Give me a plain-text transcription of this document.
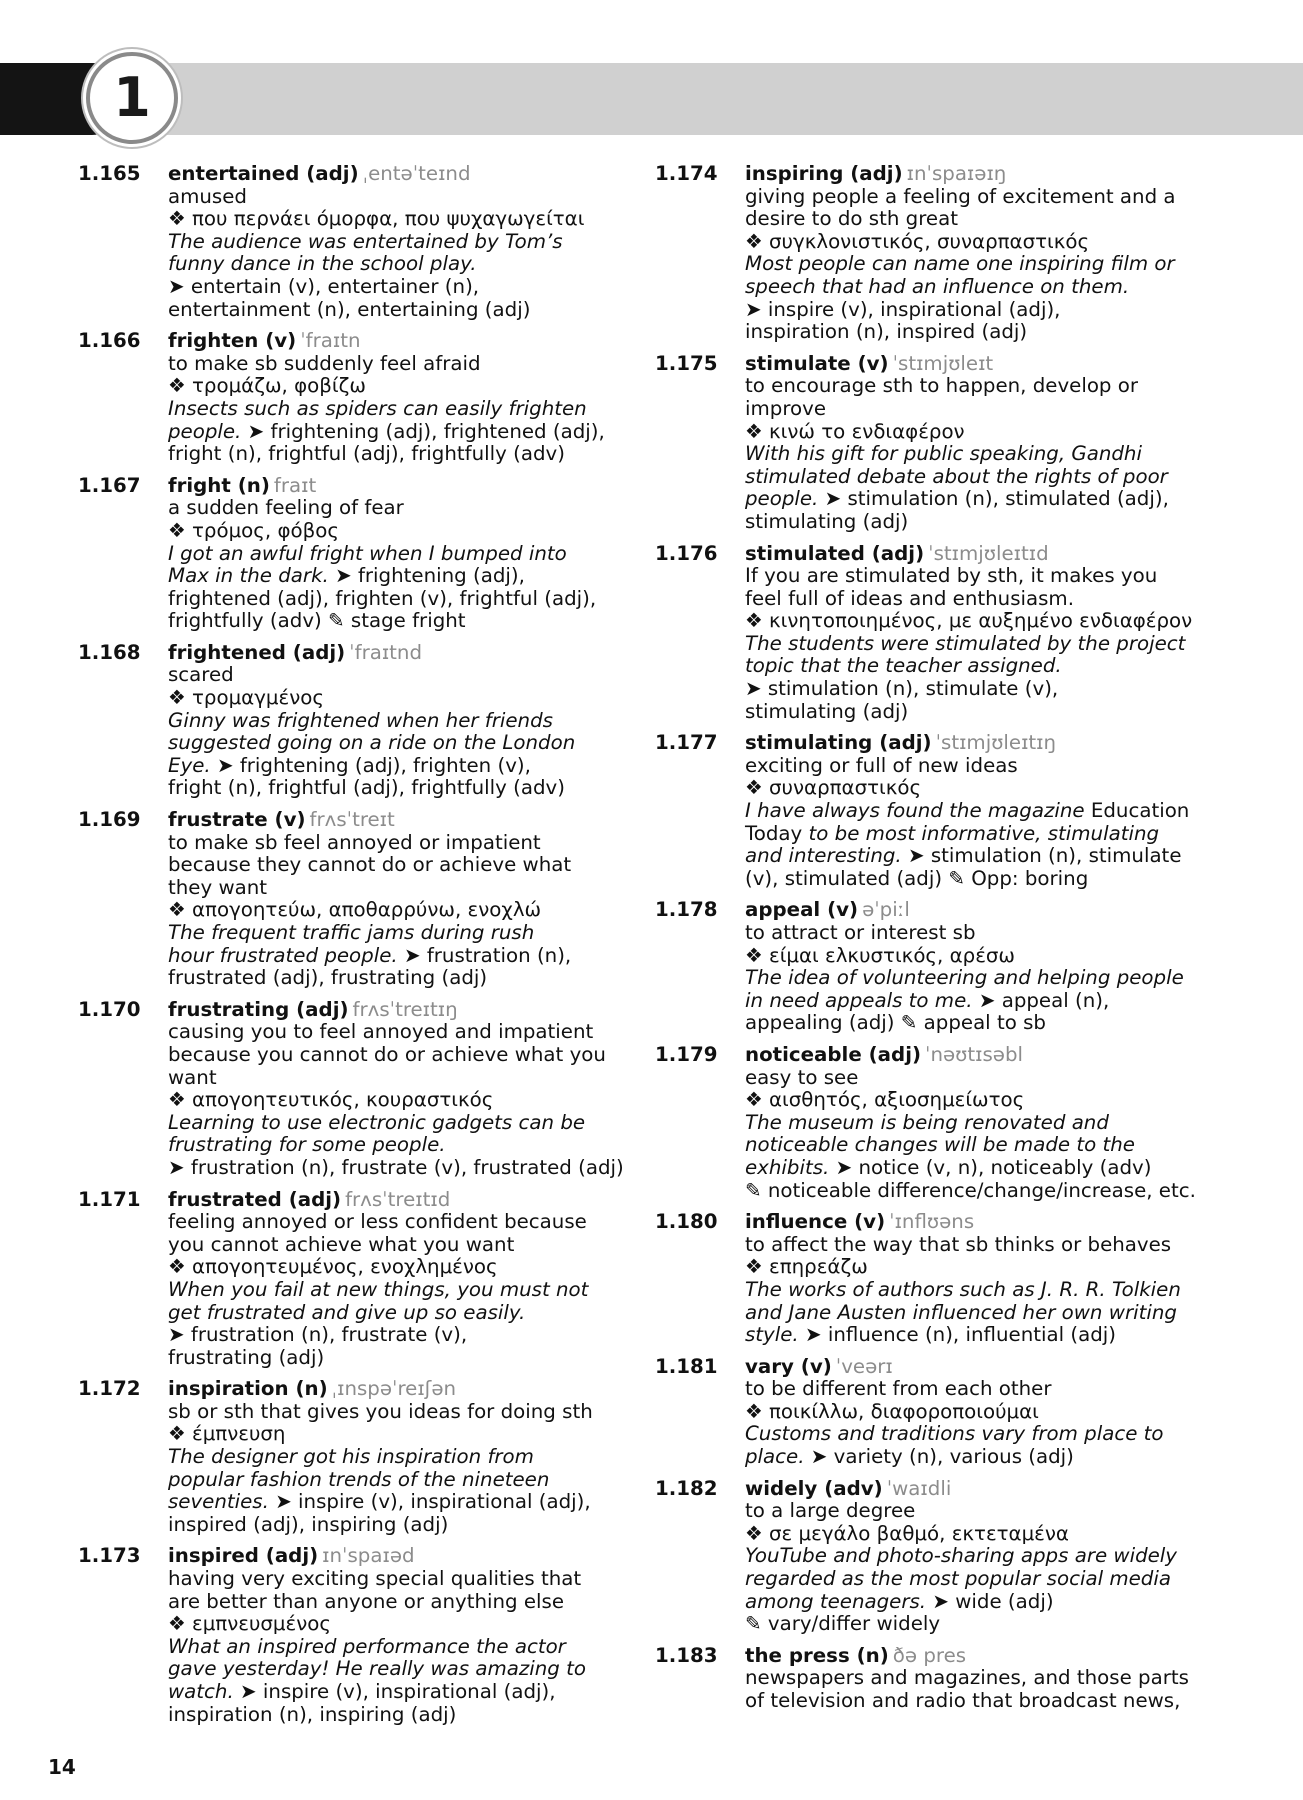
1
1.165 entertained (adj) ˌentəˈteɪnd
amused
❖ που περνάει όμορφα, που ψυχαγωγείται
The audience was entertained by Tom’s
funny dance in the school play.
➤ entertain (v), entertainer (n),
entertainment (n), entertaining (adj)
1.166 frighten (v) ˈfraɪtn
to make sb suddenly feel afraid
❖ τρομάζω, φοβίζω
Insects such as spiders can easily frighten
people. ➤ frightening (adj), frightened (adj),
fright (n), frightful (adj), frightfully (adv)
1.167 fright (n) fraɪt
a sudden feeling of fear
❖ τρόμος, φόβος
I got an awful fright when I bumped into
Max in the dark. ➤ frightening (adj),
frightened (adj), frighten (v), frightful (adj),
frightfully (adv) ✎ stage fright
1.168 frightened (adj) ˈfraɪtnd
scared
❖ τρομαγμένος
Ginny was frightened when her friends
suggested going on a ride on the London
Eye. ➤ frightening (adj), frighten (v),
fright (n), frightful (adj), frightfully (adv)
1.169 frustrate (v) frʌsˈtreɪt
to make sb feel annoyed or impatient
because they cannot do or achieve what
they want
❖ απογοητεύω, αποθαρρύνω, ενοχλώ
The frequent traffic jams during rush
hour frustrated people. ➤ frustration (n),
frustrated (adj), frustrating (adj)
1.170 frustrating (adj) frʌsˈtreɪtɪŋ
causing you to feel annoyed and impatient
because you cannot do or achieve what you
want
❖ απογοητευτικός, κουραστικός
Learning to use electronic gadgets can be
frustrating for some people.
➤ frustration (n), frustrate (v), frustrated (adj)
1.171 frustrated (adj) frʌsˈtreɪtɪd
feeling annoyed or less confident because
you cannot achieve what you want
❖ απογοητευμένος, ενοχλημένος
When you fail at new things, you must not
get frustrated and give up so easily.
➤ frustration (n), frustrate (v),
frustrating (adj)
1.172 inspiration (n) ˌɪnspəˈreɪʃən
sb or sth that gives you ideas for doing sth
❖ έμπνευση
The designer got his inspiration from
popular fashion trends of the nineteen
seventies. ➤ inspire (v), inspirational (adj),
inspired (adj), inspiring (adj)
1.173 inspired (adj) ɪnˈspaɪəd
having very exciting special qualities that
are better than anyone or anything else
❖ εμπνευσμένος
What an inspired performance the actor
gave yesterday! He really was amazing to
watch. ➤ inspire (v), inspirational (adj),
inspiration (n), inspiring (adj)
1.174 inspiring (adj) ɪnˈspaɪəɪŋ
giving people a feeling of excitement and a
desire to do sth great
❖ συγκλονιστικός, συναρπαστικός
Most people can name one inspiring film or
speech that had an influence on them.
➤ inspire (v), inspirational (adj),
inspiration (n), inspired (adj)
1.175 stimulate (v) ˈstɪmjʊleɪt
to encourage sth to happen, develop or
improve
❖ κινώ το ενδιαφέρον
With his gift for public speaking, Gandhi
stimulated debate about the rights of poor
people. ➤ stimulation (n), stimulated (adj),
stimulating (adj)
1.176 stimulated (adj) ˈstɪmjʊleɪtɪd
If you are stimulated by sth, it makes you
feel full of ideas and enthusiasm.
❖ κινητοποιημένος, με αυξημένο ενδιαφέρον
The students were stimulated by the project
topic that the teacher assigned.
➤ stimulation (n), stimulate (v),
stimulating (adj)
1.177 stimulating (adj) ˈstɪmjʊleɪtɪŋ
exciting or full of new ideas
❖ συναρπαστικός
I have always found the magazine Education
Today to be most informative, stimulating
and interesting. ➤ stimulation (n), stimulate
(v), stimulated (adj) ✎ Opp: boring
1.178 appeal (v) əˈpiːl
to attract or interest sb
❖ είμαι ελκυστικός, αρέσω
The idea of volunteering and helping people
in need appeals to me. ➤ appeal (n),
appealing (adj) ✎ appeal to sb
1.179 noticeable (adj) ˈnəʊtɪsəbl
easy to see
❖ αισθητός, αξιοσημείωτος
The museum is being renovated and
noticeable changes will be made to the
exhibits. ➤ notice (v, n), noticeably (adv)
✎ noticeable difference/change/increase, etc.
1.180 influence (v) ˈɪnflʊəns
to affect the way that sb thinks or behaves
❖ επηρεάζω
The works of authors such as J. R. R. Tolkien
and Jane Austen influenced her own writing
style. ➤ influence (n), influential (adj)
1.181 vary (v) ˈveərɪ
to be different from each other
❖ ποικίλλω, διαφοροποιούμαι
Customs and traditions vary from place to
place. ➤ variety (n), various (adj)
1.182 widely (adv) ˈwaɪdli
to a large degree
❖ σε μεγάλο βαθμό, εκτεταμένα
YouTube and photo-sharing apps are widely
regarded as the most popular social media
among teenagers. ➤ wide (adj)
✎ vary/differ widely
1.183 the press (n) ðə pres
newspapers and magazines, and those parts
of television and radio that broadcast news,
14
